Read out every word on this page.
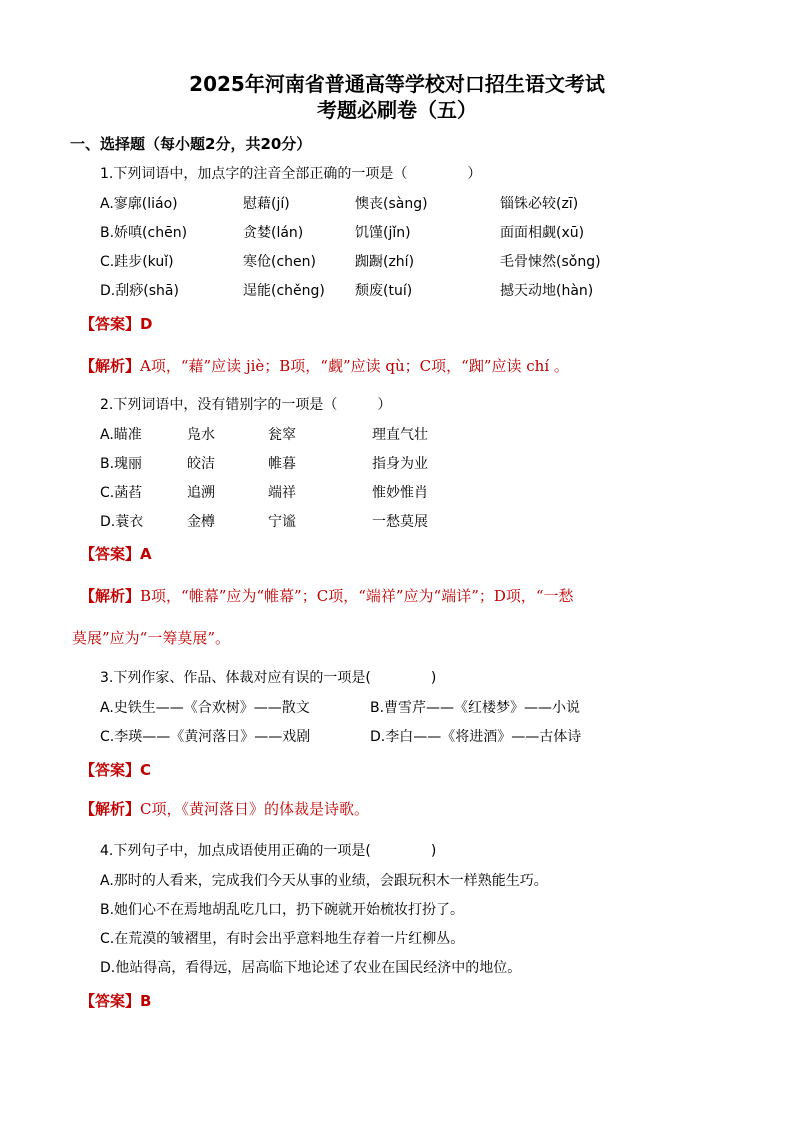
2025年河南省普通高等学校对口招生语文考试
考题必刷卷（五）
一、选择题（每小题2分，共20分）
1.下列词语中，加点字的注音全部正确的一项是（	）
A.寥廓(liáo)	慰藉(jí)	懊丧(sàng)	锱铢必较(zī)
B.娇嗔(chēn)	贪婪(lán)	饥馑(jǐn)	面面相觑(xū)
C.跬步(kuǐ)	寒伧(chen)	踟蹰(zhí)	毛骨悚然(sǒng)
D.刮痧(shā)	逞能(chěng) 颓废(tuí)	撼天动地(hàn)
【答案】D
【解析】A项，“藉”应读 jiè；B项，“觑”应读 qù；C项，“踟”应读 chí 。
2.下列词语中，没有错别字的一项是（	）
A.瞄准	凫水	瓮窣	理直气壮
B.瑰丽	皎洁	帷暮	指身为业
C.菡萏	追溯	端祥	惟妙惟肖
D.蓑衣	金樽	宁谧	一愁莫展
【答案】A
【解析】B项，“帷幕”应为“帷幕”；C项，“端祥”应为“端详”；D项，“一愁
莫展”应为“一筹莫展”。
3.下列作家、作品、体裁对应有误的一项是(	)
A.史铁生——《合欢树》——散文	B.曹雪芹——《红楼梦》——小说
C.李瑛——《黄河落日》——戏剧	D.李白——《将进酒》——古体诗
【答案】C
【解析】C项，《黄河落日》的体裁是诗歌。
4.下列句子中，加点成语使用正确的一项是(	)
A.那时的人看来，完成我们今天从事的业绩，会跟玩积木一样熟能生巧。
B.她们心不在焉地胡乱吃几口，扔下碗就开始梳妆打扮了。
C.在荒漠的皱褶里，有时会出乎意料地生存着一片红柳丛。
D.他站得高，看得远，居高临下地论述了农业在国民经济中的地位。
【答案】B
